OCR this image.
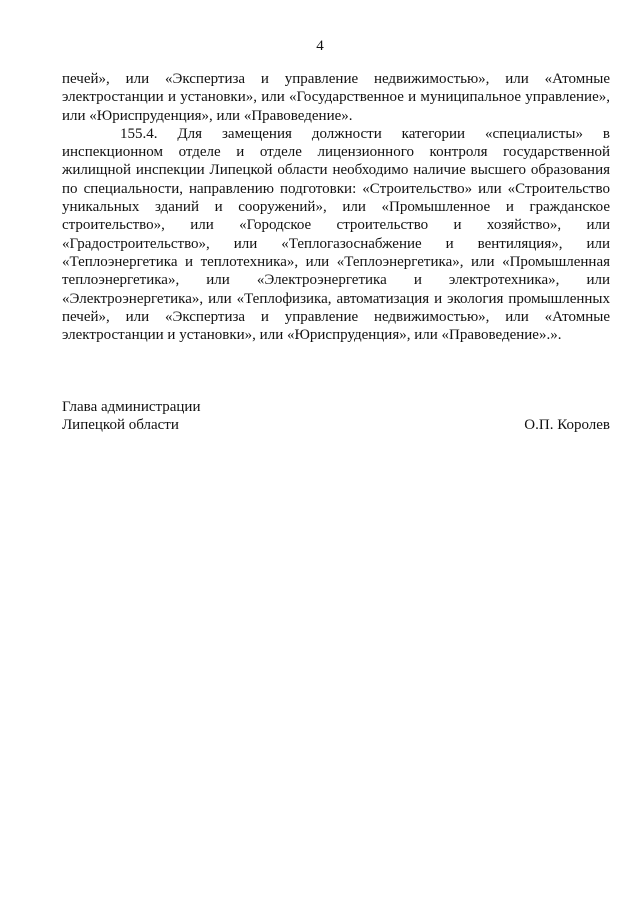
4

печей», или «Экспертиза и управление недвижимостью», или «Атомные электростанции и установки», или «Государственное и муниципальное управление», или «Юриспруденция», или «Правоведение».

155.4. Для замещения должности категории «специалисты» в инспекционном отделе и отделе лицензионного контроля государственной жилищной инспекции Липецкой области необходимо наличие высшего образования по специальности, направлению подготовки: «Строительство» или «Строительство уникальных зданий и сооружений», или «Промышленное и гражданское строительство», или «Городское строительство и хозяйство», или «Градостроительство», или «Теплогазоснабжение и вентиляция», или «Теплоэнергетика и теплотехника», или «Теплоэнергетика», или «Промышленная теплоэнергетика», или «Электроэнергетика и электротехника», или «Электроэнергетика», или «Теплофизика, автоматизация и экология промышленных печей», или «Экспертиза и управление недвижимостью», или «Атомные электростанции и установки», или «Юриспруденция», или «Правоведение».».

Глава администрации
Липецкой области	О.П. Королев
